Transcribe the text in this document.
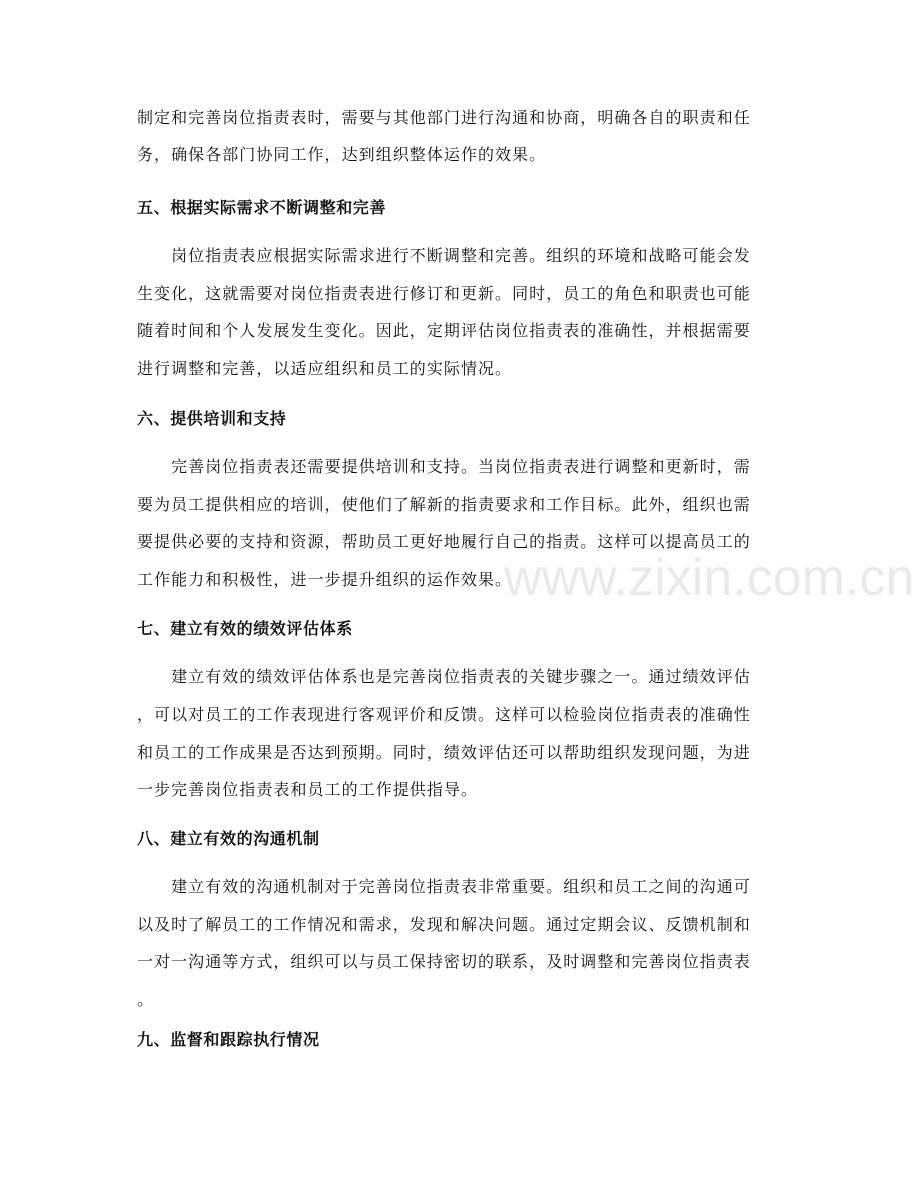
制定和完善岗位指责表时，需要与其他部门进行沟通和协商，明确各自的职责和任
务，确保各部门协同工作，达到组织整体运作的效果。
五、根据实际需求不断调整和完善
　　岗位指责表应根据实际需求进行不断调整和完善。组织的环境和战略可能会发
生变化，这就需要对岗位指责表进行修订和更新。同时，员工的角色和职责也可能
随着时间和个人发展发生变化。因此，定期评估岗位指责表的准确性，并根据需要
进行调整和完善，以适应组织和员工的实际情况。
六、提供培训和支持
　　完善岗位指责表还需要提供培训和支持。当岗位指责表进行调整和更新时，需
要为员工提供相应的培训，使他们了解新的指责要求和工作目标。此外，组织也需
要提供必要的支持和资源，帮助员工更好地履行自己的指责。这样可以提高员工的
工作能力和积极性，进一步提升组织的运作效果。
七、建立有效的绩效评估体系
　　建立有效的绩效评估体系也是完善岗位指责表的关键步骤之一。通过绩效评估
，可以对员工的工作表现进行客观评价和反馈。这样可以检验岗位指责表的准确性
和员工的工作成果是否达到预期。同时，绩效评估还可以帮助组织发现问题，为进
一步完善岗位指责表和员工的工作提供指导。
八、建立有效的沟通机制
　　建立有效的沟通机制对于完善岗位指责表非常重要。组织和员工之间的沟通可
以及时了解员工的工作情况和需求，发现和解决问题。通过定期会议、反馈机制和
一对一沟通等方式，组织可以与员工保持密切的联系，及时调整和完善岗位指责表
。
九、监督和跟踪执行情况
www.zixin.com.cn
